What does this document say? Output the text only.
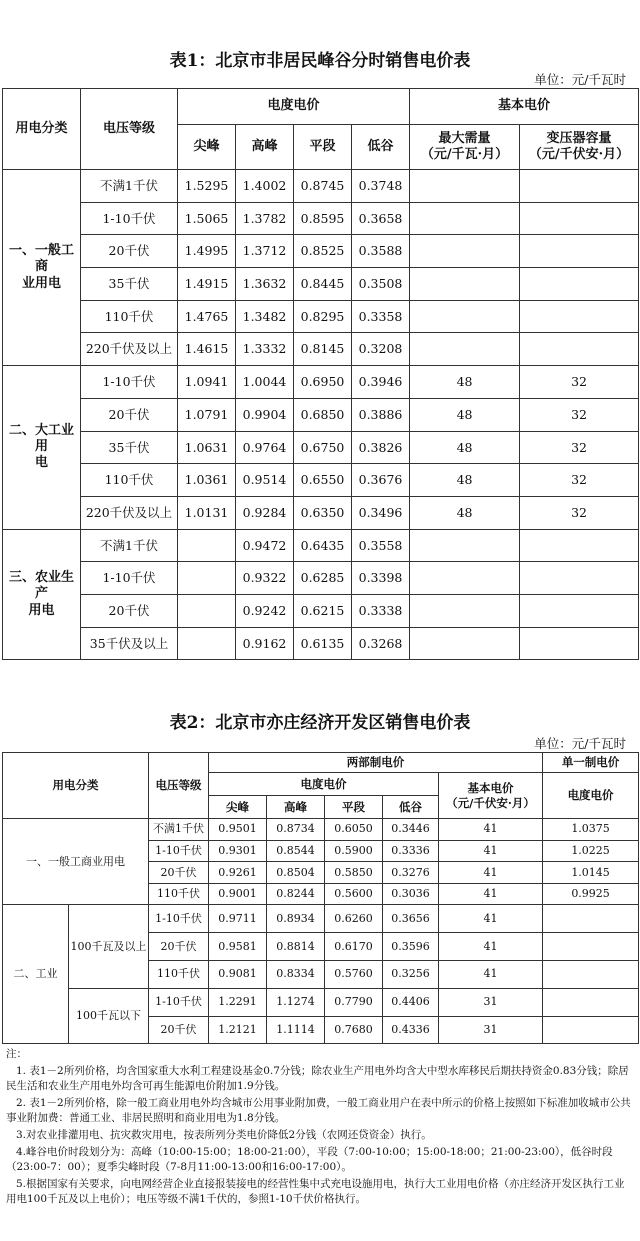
表1：北京市非居民峰谷分时销售电价表
单位：元/千瓦时
用电分类	电压等级	电度电价				基本电价	
		尖峰	高峰	平段	低谷	最大需量
（元/千瓦·月）	变压器容量
（元/千伏安·月）
一、一般工商
业用电	不满1千伏	1.5295	1.4002	0.8745	0.3748		
	1-10千伏	1.5065	1.3782	0.8595	0.3658		
	20千伏	1.4995	1.3712	0.8525	0.3588		
	35千伏	1.4915	1.3632	0.8445	0.3508		
	110千伏	1.4765	1.3482	0.8295	0.3358		
	220千伏及以上	1.4615	1.3332	0.8145	0.3208		
二、大工业用
电	1-10千伏	1.0941	1.0044	0.6950	0.3946	48	32
	20千伏	1.0791	0.9904	0.6850	0.3886	48	32
	35千伏	1.0631	0.9764	0.6750	0.3826	48	32
	110千伏	1.0361	0.9514	0.6550	0.3676	48	32
	220千伏及以上	1.0131	0.9284	0.6350	0.3496	48	32
三、农业生产
用电	不满1千伏		0.9472	0.6435	0.3558		
	1-10千伏		0.9322	0.6285	0.3398		
	20千伏		0.9242	0.6215	0.3338		
	35千伏及以上		0.9162	0.6135	0.3268		
表2：北京市亦庄经济开发区销售电价表
单位：元/千瓦时
用电分类		电压等级	两部制电价					单一制电价
			电度电价				基本电价
（元/千伏安·月）	电度电价
			尖峰	高峰	平段	低谷		
一、一般工商业用电		不满1千伏	0.9501	0.8734	0.6050	0.3446	41	1.0375
		1-10千伏	0.9301	0.8544	0.5900	0.3336	41	1.0225
		20千伏	0.9261	0.8504	0.5850	0.3276	41	1.0145
		110千伏	0.9001	0.8244	0.5600	0.3036	41	0.9925
二、工业	100千瓦及以上	1-10千伏	0.9711	0.8934	0.6260	0.3656	41	
		20千伏	0.9581	0.8814	0.6170	0.3596	41	
		110千伏	0.9081	0.8334	0.5760	0.3256	41	
	100千瓦以下	1-10千伏	1.2291	1.1274	0.7790	0.4406	31	
		20千伏	1.2121	1.1114	0.7680	0.4336	31	

注：

1. 表1－2所列价格，均含国家重大水利工程建设基金0.7分钱；除农业生产用电外均含大中型水库移民后期扶持资金0.83分钱；除居民生活和农业生产用电外均含可再生能源电价附加1.9分钱。

2. 表1－2所列价格，除一般工商业用电外均含城市公用事业附加费，一般工商业用户在表中所示的价格上按照如下标准加收城市公共事业附加费：普通工业、非居民照明和商业用电为1.8分钱。

3.对农业排灌用电、抗灾救灾用电，按表所列分类电价降低2分钱（农网还贷资金）执行。

4.峰谷电价时段划分为：高峰（10:00-15:00；18:00-21:00），平段（7:00-10:00；15:00-18:00；21:00-23:00），低谷时段（23:00-7：00）；夏季尖峰时段（7-8月11:00-13:00和16:00-17:00）。

5.根据国家有关要求，向电网经营企业直接报装接电的经营性集中式充电设施用电，执行大工业用电价格（亦庄经济开发区执行工业用电100千瓦及以上电价）；电压等级不满1千伏的，参照1-10千伏价格执行。
